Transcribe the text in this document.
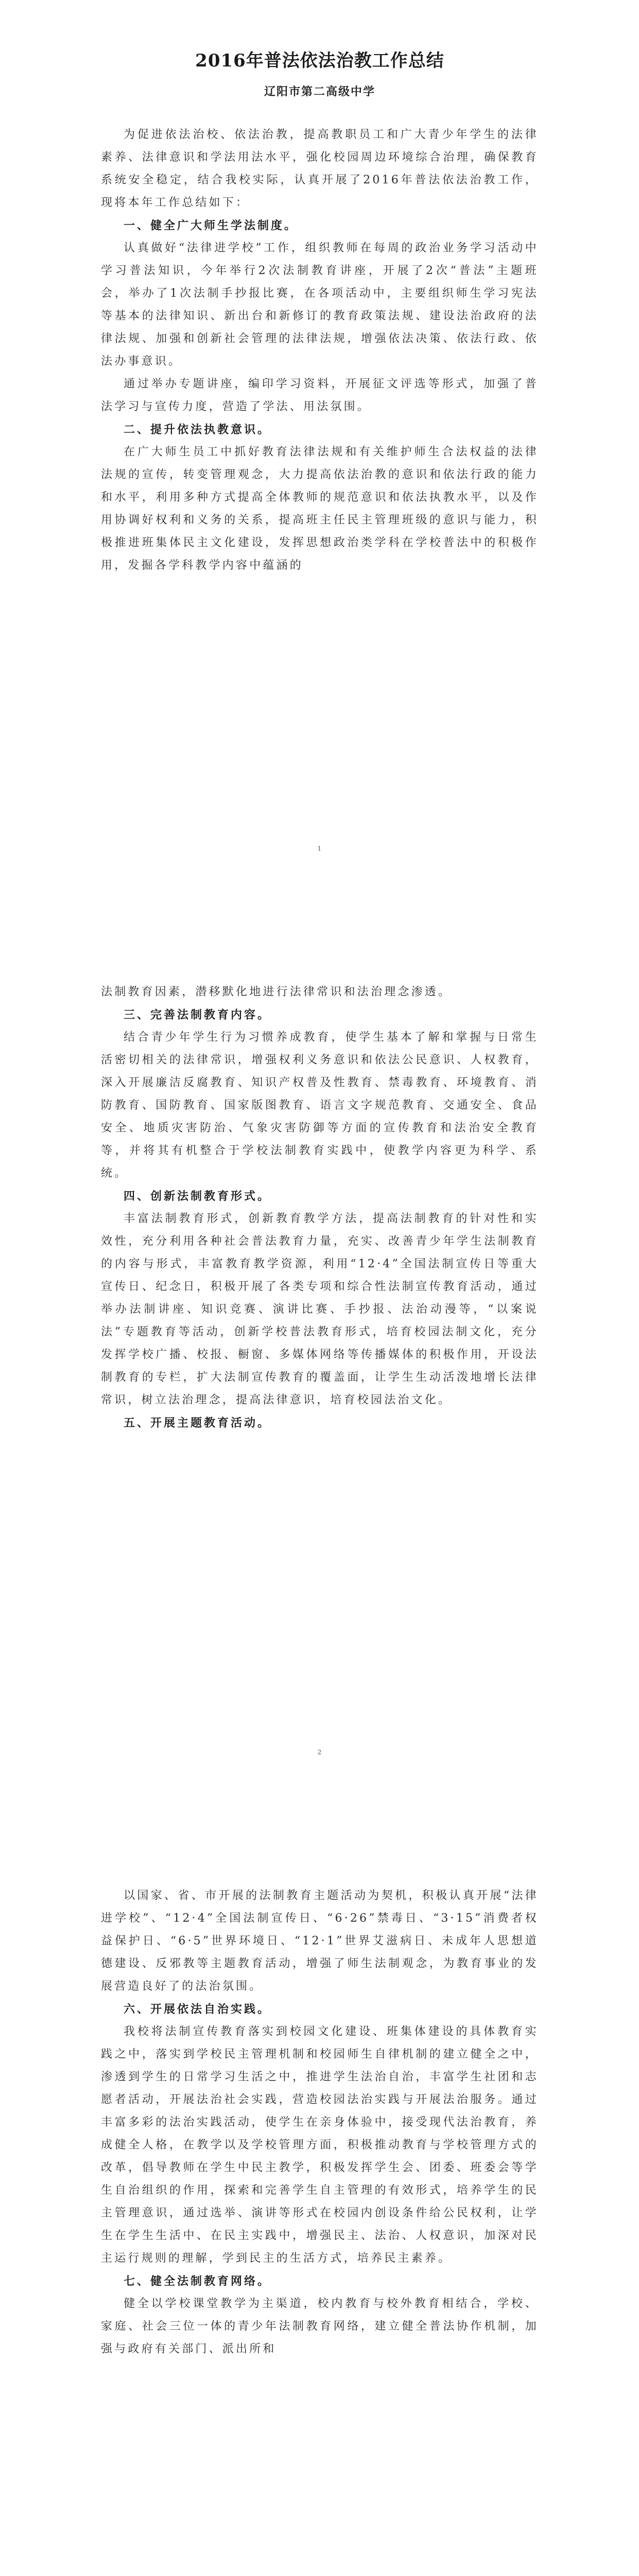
2016年普法依法治教工作总结
辽阳市第二高级中学

为促进依法治校、依法治教，提高教职员工和广大青少年学生的法律素养、法律意识和学法用法水平，强化校园周边环境综合治理，确保教育系统安全稳定，结合我校实际，认真开展了2016年普法依法治教工作，现将本年工作总结如下：

一、健全广大师生学法制度。

认真做好“法律进学校”工作，组织教师在每周的政治业务学习活动中学习普法知识，今年举行2次法制教育讲座，开展了2次“普法”主题班会，举办了1次法制手抄报比赛，在各项活动中，主要组织师生学习宪法等基本的法律知识、新出台和新修订的教育政策法规、建设法治政府的法律法规、加强和创新社会管理的法律法规，增强依法决策、依法行政、依法办事意识。

通过举办专题讲座，编印学习资料，开展征文评选等形式，加强了普法学习与宣传力度，营造了学法、用法氛围。

二、提升依法执教意识。

在广大师生员工中抓好教育法律法规和有关维护师生合法权益的法律法规的宣传，转变管理观念，大力提高依法治教的意识和依法行政的能力和水平，利用多种方式提高全体教师的规范意识和依法执教水平，以及作用协调好权利和义务的关系，提高班主任民主管理班级的意识与能力，积极推进班集体民主文化建设，发挥思想政治类学科在学校普法中的积极作用，发掘各学科教学内容中蕴涵的

1

法制教育因素，潜移默化地进行法律常识和法治理念渗透。

三、完善法制教育内容。

结合青少年学生行为习惯养成教育，使学生基本了解和掌握与日常生活密切相关的法律常识，增强权利义务意识和依法公民意识、人权教育，深入开展廉洁反腐教育、知识产权普及性教育、禁毒教育、环境教育、消防教育、国防教育、国家版图教育、语言文字规范教育、交通安全、食品安全、地质灾害防治、气象灾害防御等方面的宣传教育和法治安全教育等，并将其有机整合于学校法制教育实践中，使教学内容更为科学、系统。

四、创新法制教育形式。

丰富法制教育形式，创新教育教学方法，提高法制教育的针对性和实效性，充分利用各种社会普法教育力量，充实、改善青少年学生法制教育的内容与形式，丰富教育教学资源，利用“12·4”全国法制宣传日等重大宣传日、纪念日，积极开展了各类专项和综合性法制宣传教育活动，通过举办法制讲座、知识竞赛、演讲比赛、手抄报、法治动漫等，“以案说法”专题教育等活动，创新学校普法教育形式，培育校园法制文化，充分发挥学校广播、校报、橱窗、多媒体网络等传播媒体的积极作用，开设法制教育的专栏，扩大法制宣传教育的覆盖面，让学生生动活泼地增长法律常识，树立法治理念，提高法律意识，培育校园法治文化。

五、开展主题教育活动。
2

以国家、省、市开展的法制教育主题活动为契机，积极认真开展“法律进学校”、“12·4”全国法制宣传日、“6·26”禁毒日、“3·15”消费者权益保护日、“6·5”世界环境日、“12·1”世界艾滋病日、未成年人思想道德建设、反邪教等主题教育活动，增强了师生法制观念，为教育事业的发展营造良好了的法治氛围。

六、开展依法自治实践。

我校将法制宣传教育落实到校园文化建设、班集体建设的具体教育实践之中，落实到学校民主管理机制和校园师生自律机制的建立健全之中，渗透到学生的日常学习生活之中，推进学生法治自治，丰富学生社团和志愿者活动，开展法治社会实践，营造校园法治实践与开展法治服务。通过丰富多彩的法治实践活动，使学生在亲身体验中，接受现代法治教育，养成健全人格，在教学以及学校管理方面，积极推动教育与学校管理方式的改革，倡导教师在学生中民主教学，积极发挥学生会、团委、班委会等学生自治组织的作用，探索和完善学生自主管理的有效形式，培养学生的民主管理意识，通过选举、演讲等形式在校园内创设条件给公民权利，让学生在学生生活中、在民主实践中，增强民主、法治、人权意识，加深对民主运行规则的理解，学到民主的生活方式，培养民主素养。

七、健全法制教育网络。

健全以学校课堂教学为主渠道，校内教育与校外教育相结合，学校、家庭、社会三位一体的青少年法制教育网络，建立健全普法协作机制，加强与政府有关部门、派出所和
